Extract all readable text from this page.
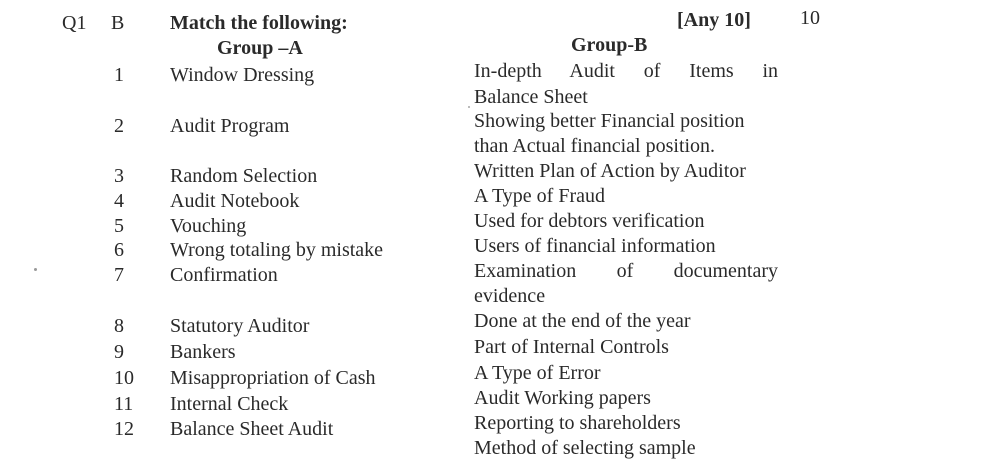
Q1 B Match the following:	[Any 10] 10
Group –A	Group-B
1 Window Dressing
2 Audit Program
3 Random Selection
4 Audit Notebook
5 Vouching
6 Wrong totaling by mistake
7 Confirmation
8 Statutory Auditor
9 Bankers
10 Misappropriation of Cash
11 Internal Check
12 Balance Sheet Audit
In-depth Audit of Items in
Balance Sheet
Showing better Financial position
than Actual financial position.
Written Plan of Action by Auditor
A Type of Fraud
Used for debtors verification
Users of financial information
Examination of documentary
evidence
Done at the end of the year
Part of Internal Controls
A Type of Error
Audit Working papers
Reporting to shareholders
Method of selecting sample
